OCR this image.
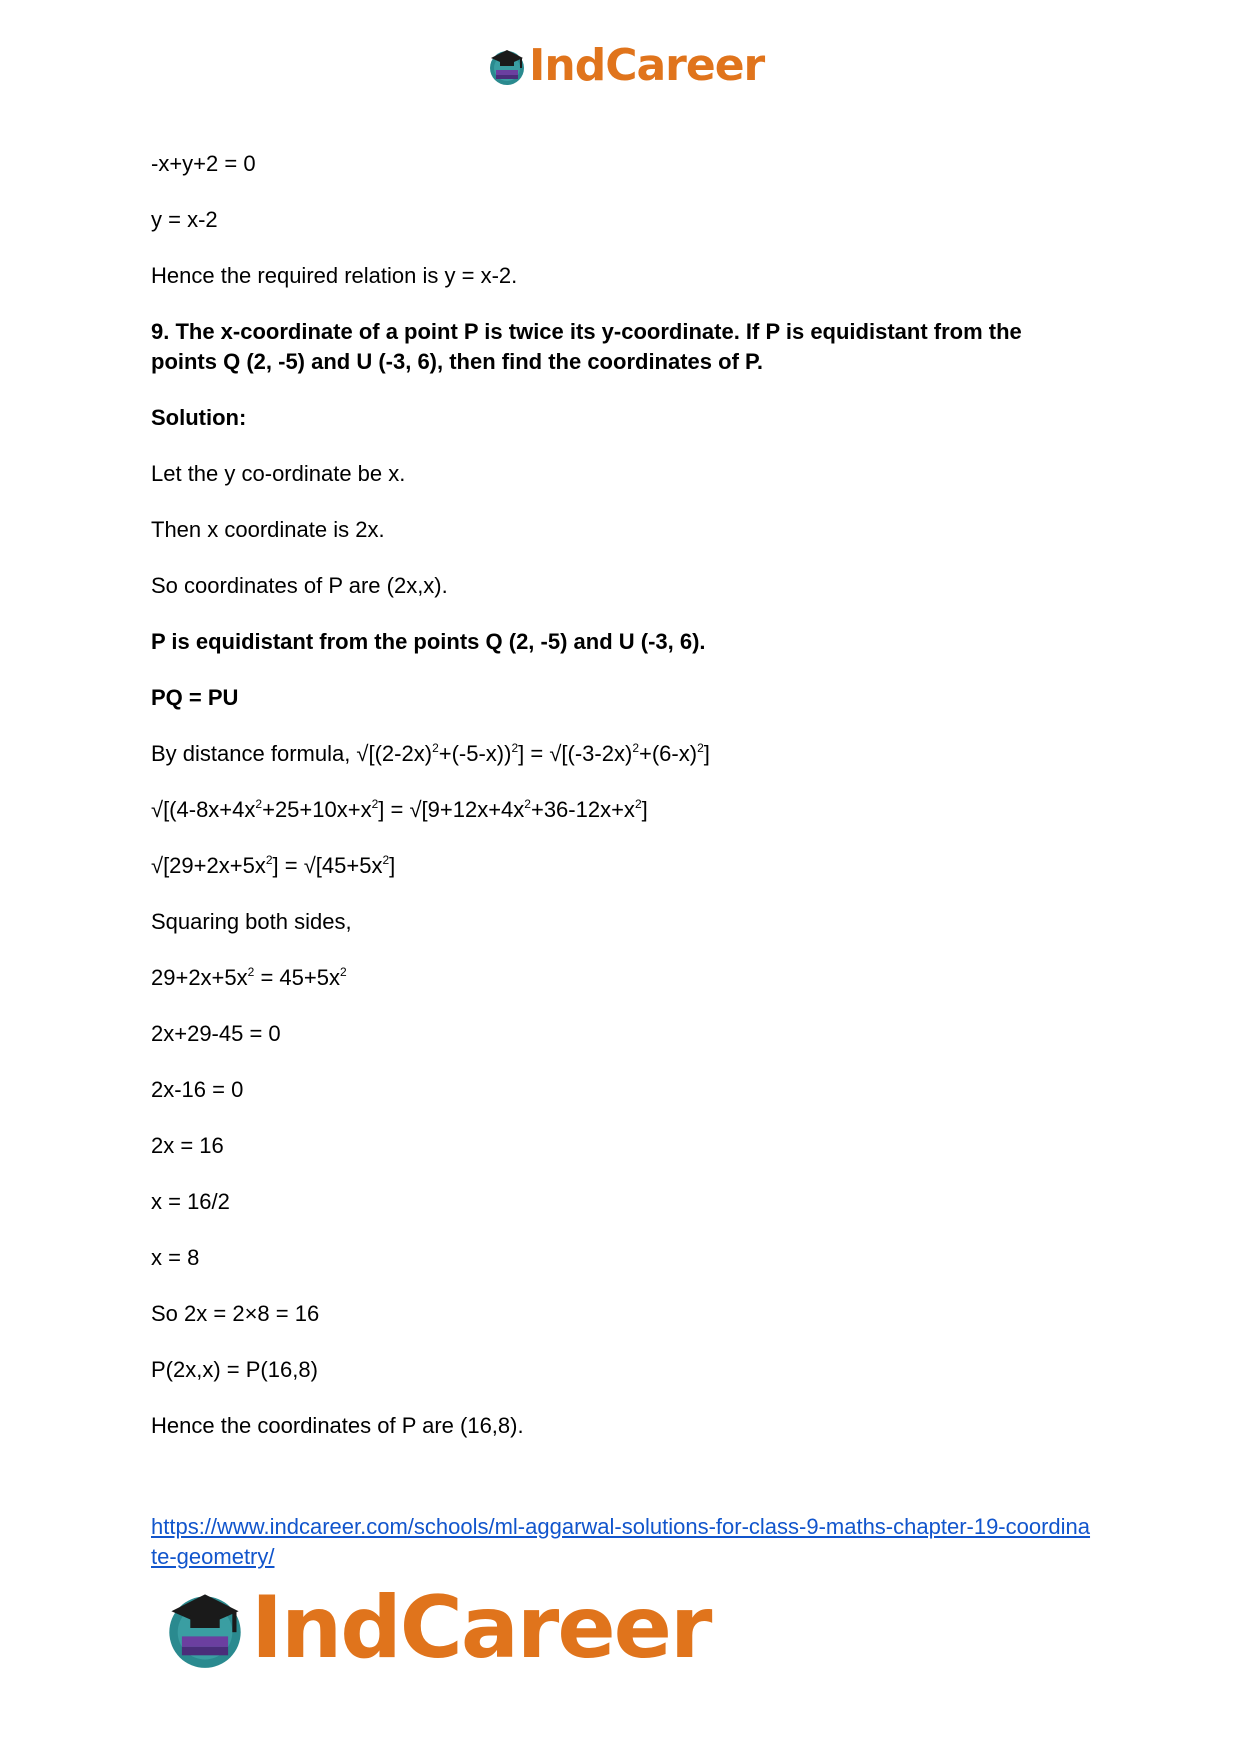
IndCareer

-x+y+2 = 0

y = x-2

Hence the required relation is y = x-2.

9. The x-coordinate of a point P is twice its y-coordinate. If P is equidistant from the points Q (2, -5) and U (-3, 6), then find the coordinates of P.

Solution:

Let the y co-ordinate be x.

Then x coordinate is 2x.

So coordinates of P are (2x,x).

P is equidistant from the points Q (2, -5) and U (-3, 6).

PQ = PU

By distance formula, $√[(2-2x)^2+(-5-x))^2] = √[(-3-2x)^2+(6-x)^2]$

$√[(4-8x+4x^2+25+10x+x^2] = √[9+12x+4x^2+36-12x+x^2]$

$√[29+2x+5x^2] = √[45+5x^2]$

Squaring both sides,

$29+2x+5x^2 = 45+5x^2$

2x+29-45 = 0

2x-16 = 0

2x = 16

x = 16/2

x = 8

So 2x = 2×8 = 16

P(2x,x) = P(16,8)

Hence the coordinates of P are (16,8).

https://www.indcareer.com/schools/ml-aggarwal-solutions-for-class-9-maths-chapter-19-coordinate-geometry/
IndCareer
